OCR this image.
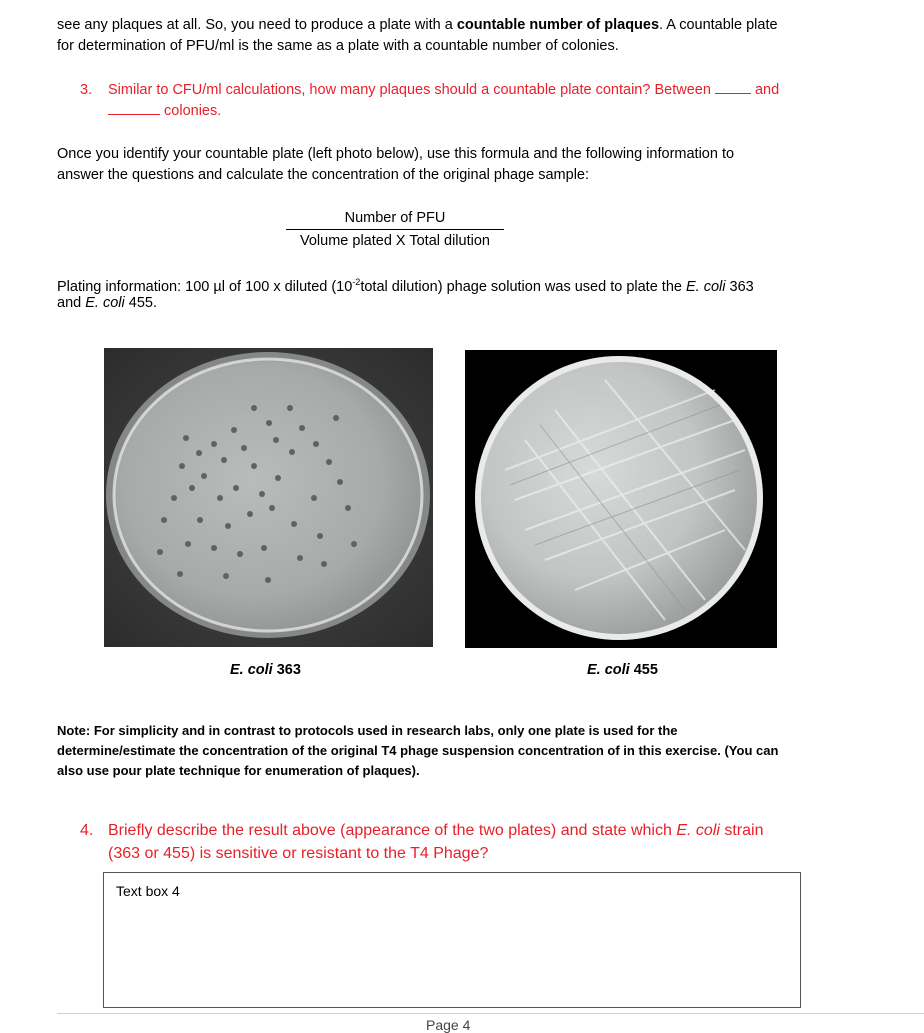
see any plaques at all. So, you need to produce a plate with a countable number of plaques. A countable plate

for determination of PFU/ml is the same as a plate with a countable number of colonies.

3. Similar to CFU/ml calculations, how many plaques should a countable plate contain? Between	and

colonies.

Once you identify your countable plate (left photo below), use this formula and the following information to

answer the questions and calculate the concentration of the original phage sample:

Number of PFU
Volume plated X Total dilution

Plating information: 100 µl of 100 x diluted ($10^{-2}total$ dilution) phage solution was used to plate the E. coli 363

and E. coli 455.

E. coli 363	E. coli 455

Note: For simplicity and in contrast to protocols used in research labs, only one plate is used for the

determine/estimate the concentration of the original T4 phage suspension concentration of in this exercise. (You can

also use pour plate technique for enumeration of plaques).

4. Briefly describe the result above (appearance of the two plates) and state which E. coli strain

(363 or 455) is sensitive or resistant to the T4 Phage?

Text box 4
Page 4
